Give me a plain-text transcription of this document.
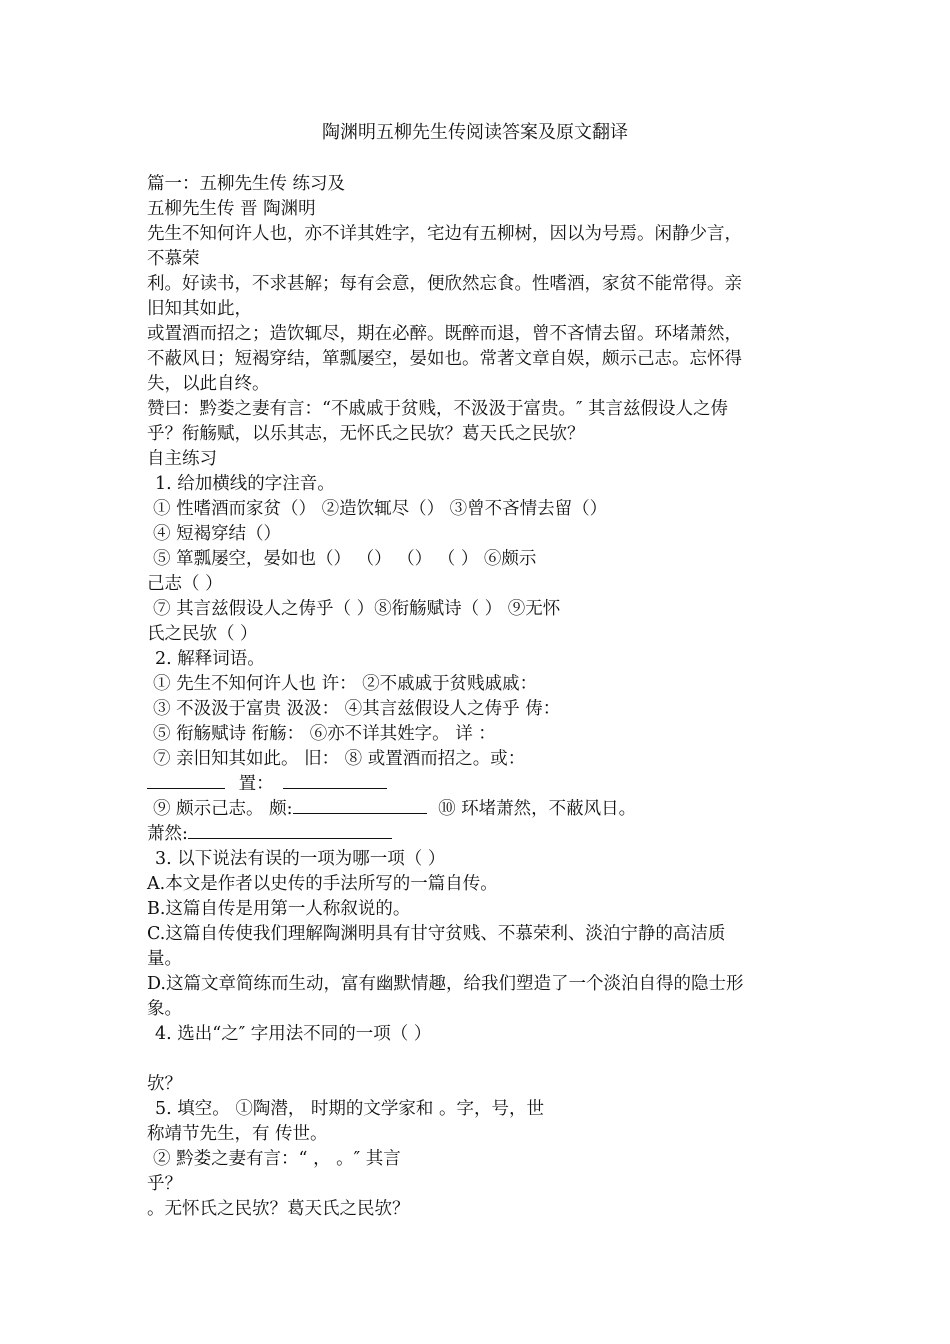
陶渊明五柳先生传阅读答案及原文翻译
篇一：五柳先生传 练习及
五柳先生传 晋 陶渊明
先生不知何许人也，亦不详其姓字，宅边有五柳树，因以为号焉。闲静少言，
不慕荣
利。好读书，不求甚解；每有会意，便欣然忘食。性嗜酒，家贫不能常得。亲
旧知其如此，
或置酒而招之；造饮辄尽，期在必醉。既醉而退，曾不吝情去留。环堵萧然，
不蔽风日；短褐穿结，箪瓢屡空，晏如也。常著文章自娱，颇示己志。忘怀得
失，以此自终。
赞曰：黔娄之妻有言：“不戚戚于贫贱，不汲汲于富贵。″ 其言兹假设人之俦
乎？衔觞赋，以乐其志，无怀氏之民欤？葛天氏之民欤？
自主练习
1. 给加横线的字注音。
① 性嗜酒而家贫（） ②造饮辄尽（） ③曾不吝情去留（）
④ 短褐穿结（）
⑤ 箪瓢屡空，晏如也（） （） （） （ ） ⑥颇示
己志（ ）
⑦ 其言兹假设人之俦乎（ ）⑧衔觞赋诗（ ） ⑨无怀
氏之民欤（ ）
2. 解释词语。
① 先生不知何许人也 许： ②不戚戚于贫贱戚戚：
③ 不汲汲于富贵 汲汲： ④其言兹假设人之俦乎 俦：
⑤ 衔觞赋诗 衔觞： ⑥亦不详其姓字。 详 ：
⑦ 亲旧知其如此。 旧： ⑧ 或置酒而招之。或：
置：
⑨ 颇示己志。 颇:	⑩ 环堵萧然，不蔽风日。
萧然:
3. 以下说法有误的一项为哪一项（ ）
A.本文是作者以史传的手法所写的一篇自传。
B.这篇自传是用第一人称叙说的。
C.这篇自传使我们理解陶渊明具有甘守贫贱、不慕荣利、淡泊宁静的高洁质
量。
D.这篇文章简练而生动，富有幽默情趣，给我们塑造了一个淡泊自得的隐士形
象。
4. 选出“之″ 字用法不同的一项（ ）
欤？
5. 填空。 ①陶潜， 时期的文学家和 。字，号，世
称靖节先生，有 传世。
② 黔娄之妻有言：“ ， 。″ 其言
乎？
。无怀氏之民欤？葛天氏之民欤？
